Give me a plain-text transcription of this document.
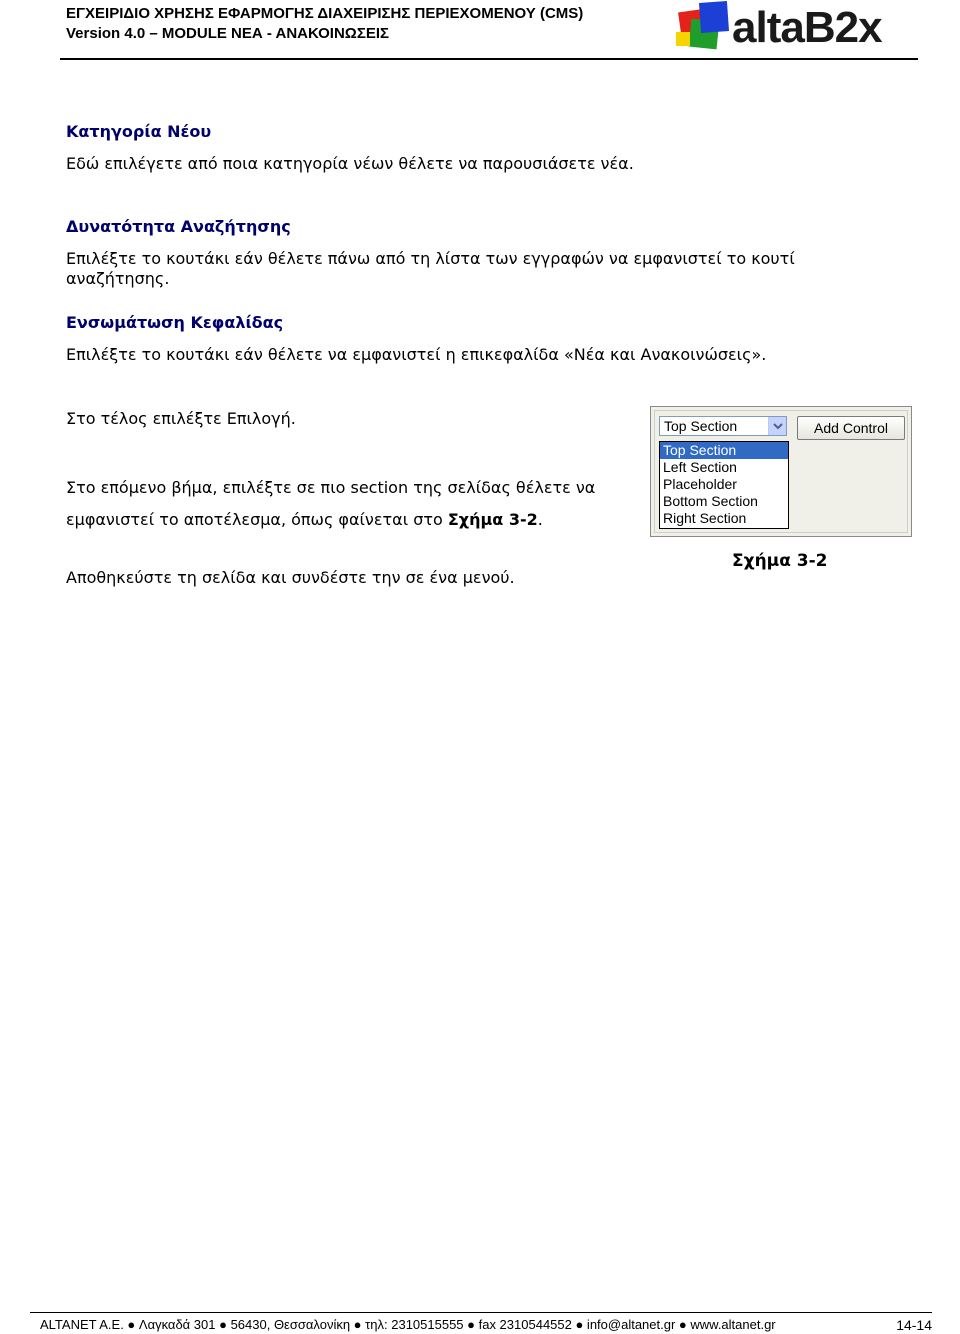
ΕΓΧΕΙΡΙΔΙΟ ΧΡΗΣΗΣ ΕΦΑΡΜΟΓΗΣ ΔΙΑΧΕΙΡΙΣΗΣ ΠΕΡΙΕΧΟΜΕΝΟΥ (CMS)
Version 4.0 – MODULE ΝΕΑ - ΑΝΑΚΟΙΝΩΣΕΙΣ	altaB2x
Κατηγορία Νέου
Εδώ επιλέγετε από ποια κατηγορία νέων θέλετε να παρουσιάσετε νέα.
Δυνατότητα Αναζήτησης
Επιλέξτε το κουτάκι εάν θέλετε πάνω από τη λίστα των εγγραφών να εμφανιστεί το κουτί αναζήτησης.
Ενσωμάτωση Κεφαλίδας
Επιλέξτε το κουτάκι εάν θέλετε να εμφανιστεί η επικεφαλίδα «Νέα και Ανακοινώσεις».
Στο τέλος επιλέξτε Επιλογή.
Στο επόμενο βήμα, επιλέξτε σε πιο section της σελίδας θέλετε να εμφανιστεί το αποτέλεσμα, όπως φαίνεται στο Σχήμα 3-2.
Αποθηκεύστε τη σελίδα και συνδέστε την σε ένα μενού.
Top Section	Add Control
Top Section
Left Section
Placeholder
Bottom Section
Right Section
Σχήμα 3-2
ALTANET A.E. ● Λαγκαδά 301 ● 56430, Θεσσαλονίκη ● τηλ: 2310515555 ● fax 2310544552 ● info@altanet.gr ● www.altanet.gr	14-14
